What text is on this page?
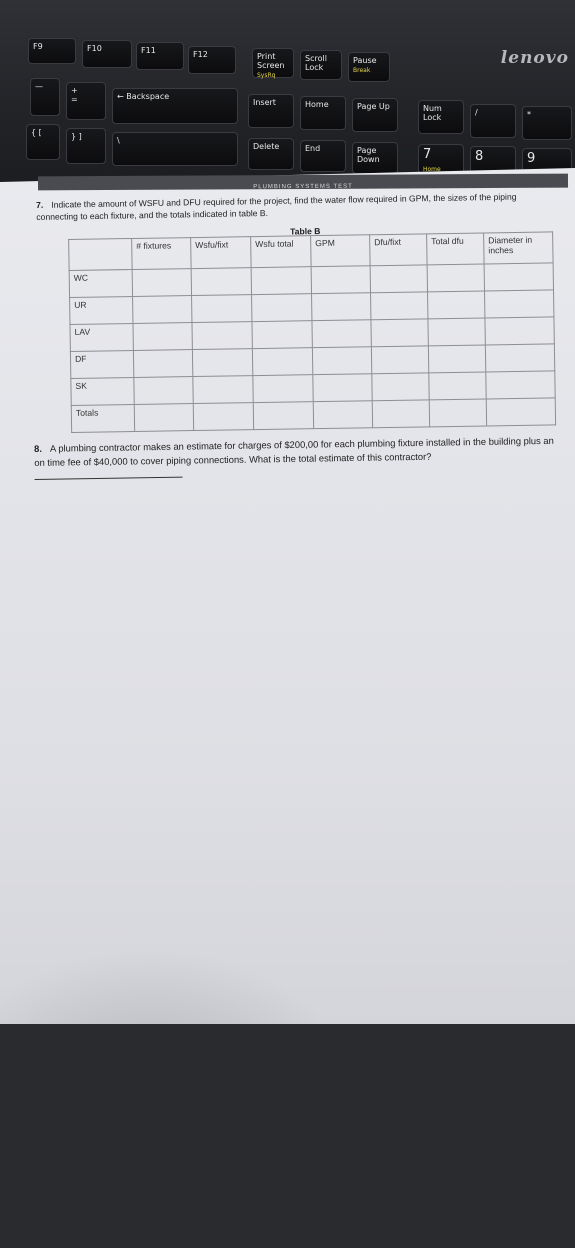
F9	F10	F11	F12	Print Screen
SysRq
Scroll Lock
Pause
Break
lenovo
—	+
=	← Backspace
Insert	Home	Page Up	Num Lock
/	*
{ [	} ]	\
Delete	End	Page Down	7
Home
8	9

PLUMBING SYSTEMS TEST
7. Indicate the amount of WSFU and DFU required for the project, find the water flow required in GPM, the sizes of the piping connecting to each fixture, and the totals indicated in table B.
Table B
	# fixtures	Wsfu/fixt	Wsfu total	GPM	Dfu/fixt	Total dfu	Diameter in inches
WC							
UR							
LAV							
DF							
SK							
Totals							
8. A plumbing contractor makes an estimate for charges of $200,00 for each plumbing fixture installed in the building plus an on time fee of $40,000 to cover piping connections. What is the total estimate of this contractor?
